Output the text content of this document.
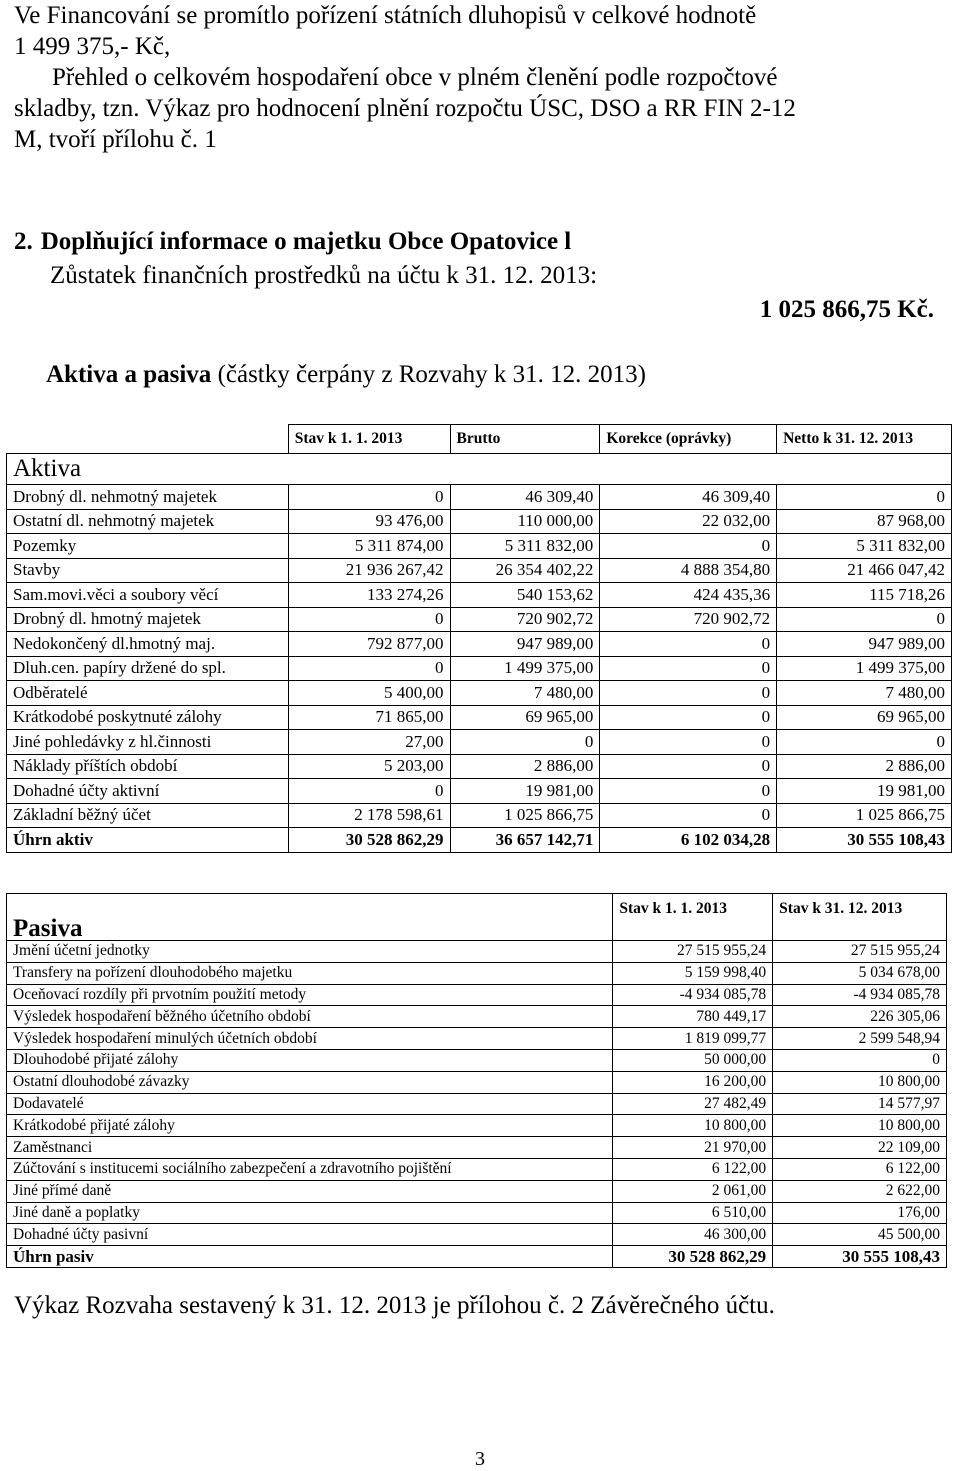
Ve Financování se promítlo pořízení státních dluhopisů v celkové hodnotě

1 499 375,- Kč,

Přehled o celkovém hospodaření obce v plném členění podle rozpočtové

skladby, tzn. Výkaz pro hodnocení plnění rozpočtu ÚSC, DSO a RR FIN 2-12

M, tvoří přílohu č. 1

2. Doplňující informace o majetku Obce Opatovice l
Zůstatek finančních prostředků na účtu k 31. 12. 2013:
1 025 866,75 Kč.
Aktiva a pasiva (částky čerpány z Rozvahy k 31. 12. 2013)
	Stav k 1. 1. 2013	Brutto	Korekce (oprávky)	Netto k 31. 12. 2013
Aktiva				
Drobný dl. nehmotný majetek	0	46 309,40	46 309,40	0
Ostatní dl. nehmotný majetek	93 476,00	110 000,00	22 032,00	87 968,00
Pozemky	5 311 874,00	5 311 832,00	0	5 311 832,00
Stavby	21 936 267,42	26 354 402,22	4 888 354,80	21 466 047,42
Sam.movi.věci a soubory věcí	133 274,26	540 153,62	424 435,36	115 718,26
Drobný dl. hmotný majetek	0	720 902,72	720 902,72	0
Nedokončený dl.hmotný maj.	792 877,00	947 989,00	0	947 989,00
Dluh.cen. papíry držené do spl.	0	1 499 375,00	0	1 499 375,00
Odběratelé	5 400,00	7 480,00	0	7 480,00
Krátkodobé poskytnuté zálohy	71 865,00	69 965,00	0	69 965,00
Jiné pohledávky z hl.činnosti	27,00	0	0	0
Náklady příštích období	5 203,00	2 886,00	0	2 886,00
Dohadné účty aktivní	0	19 981,00	0	19 981,00
Základní běžný účet	2 178 598,61	1 025 866,75	0	1 025 866,75
Úhrn aktiv	30 528 862,29	36 657 142,71	6 102 034,28	30 555 108,43
Pasiva	Stav k 1. 1. 2013	Stav k 31. 12. 2013
Jmění účetní jednotky	27 515 955,24	27 515 955,24
Transfery na pořízení dlouhodobého majetku	5 159 998,40	5 034 678,00
Oceňovací rozdíly při prvotním použití metody	-4 934 085,78	-4 934 085,78
Výsledek hospodaření běžného účetního období	780 449,17	226 305,06
Výsledek hospodaření minulých účetních období	1 819 099,77	2 599 548,94
Dlouhodobé přijaté zálohy	50 000,00	0
Ostatní dlouhodobé závazky	16 200,00	10 800,00
Dodavatelé	27 482,49	14 577,97
Krátkodobé přijaté zálohy	10 800,00	10 800,00
Zaměstnanci	21 970,00	22 109,00
Zúčtování s institucemi sociálního zabezpečení a zdravotního pojištění	6 122,00	6 122,00
Jiné přímé daně	2 061,00	2 622,00
Jiné daně a poplatky	6 510,00	176,00
Dohadné účty pasivní	46 300,00	45 500,00
Úhrn pasiv	30 528 862,29	30 555 108,43
Výkaz Rozvaha sestavený k 31. 12. 2013 je přílohou č. 2 Závěrečného účtu.
3
